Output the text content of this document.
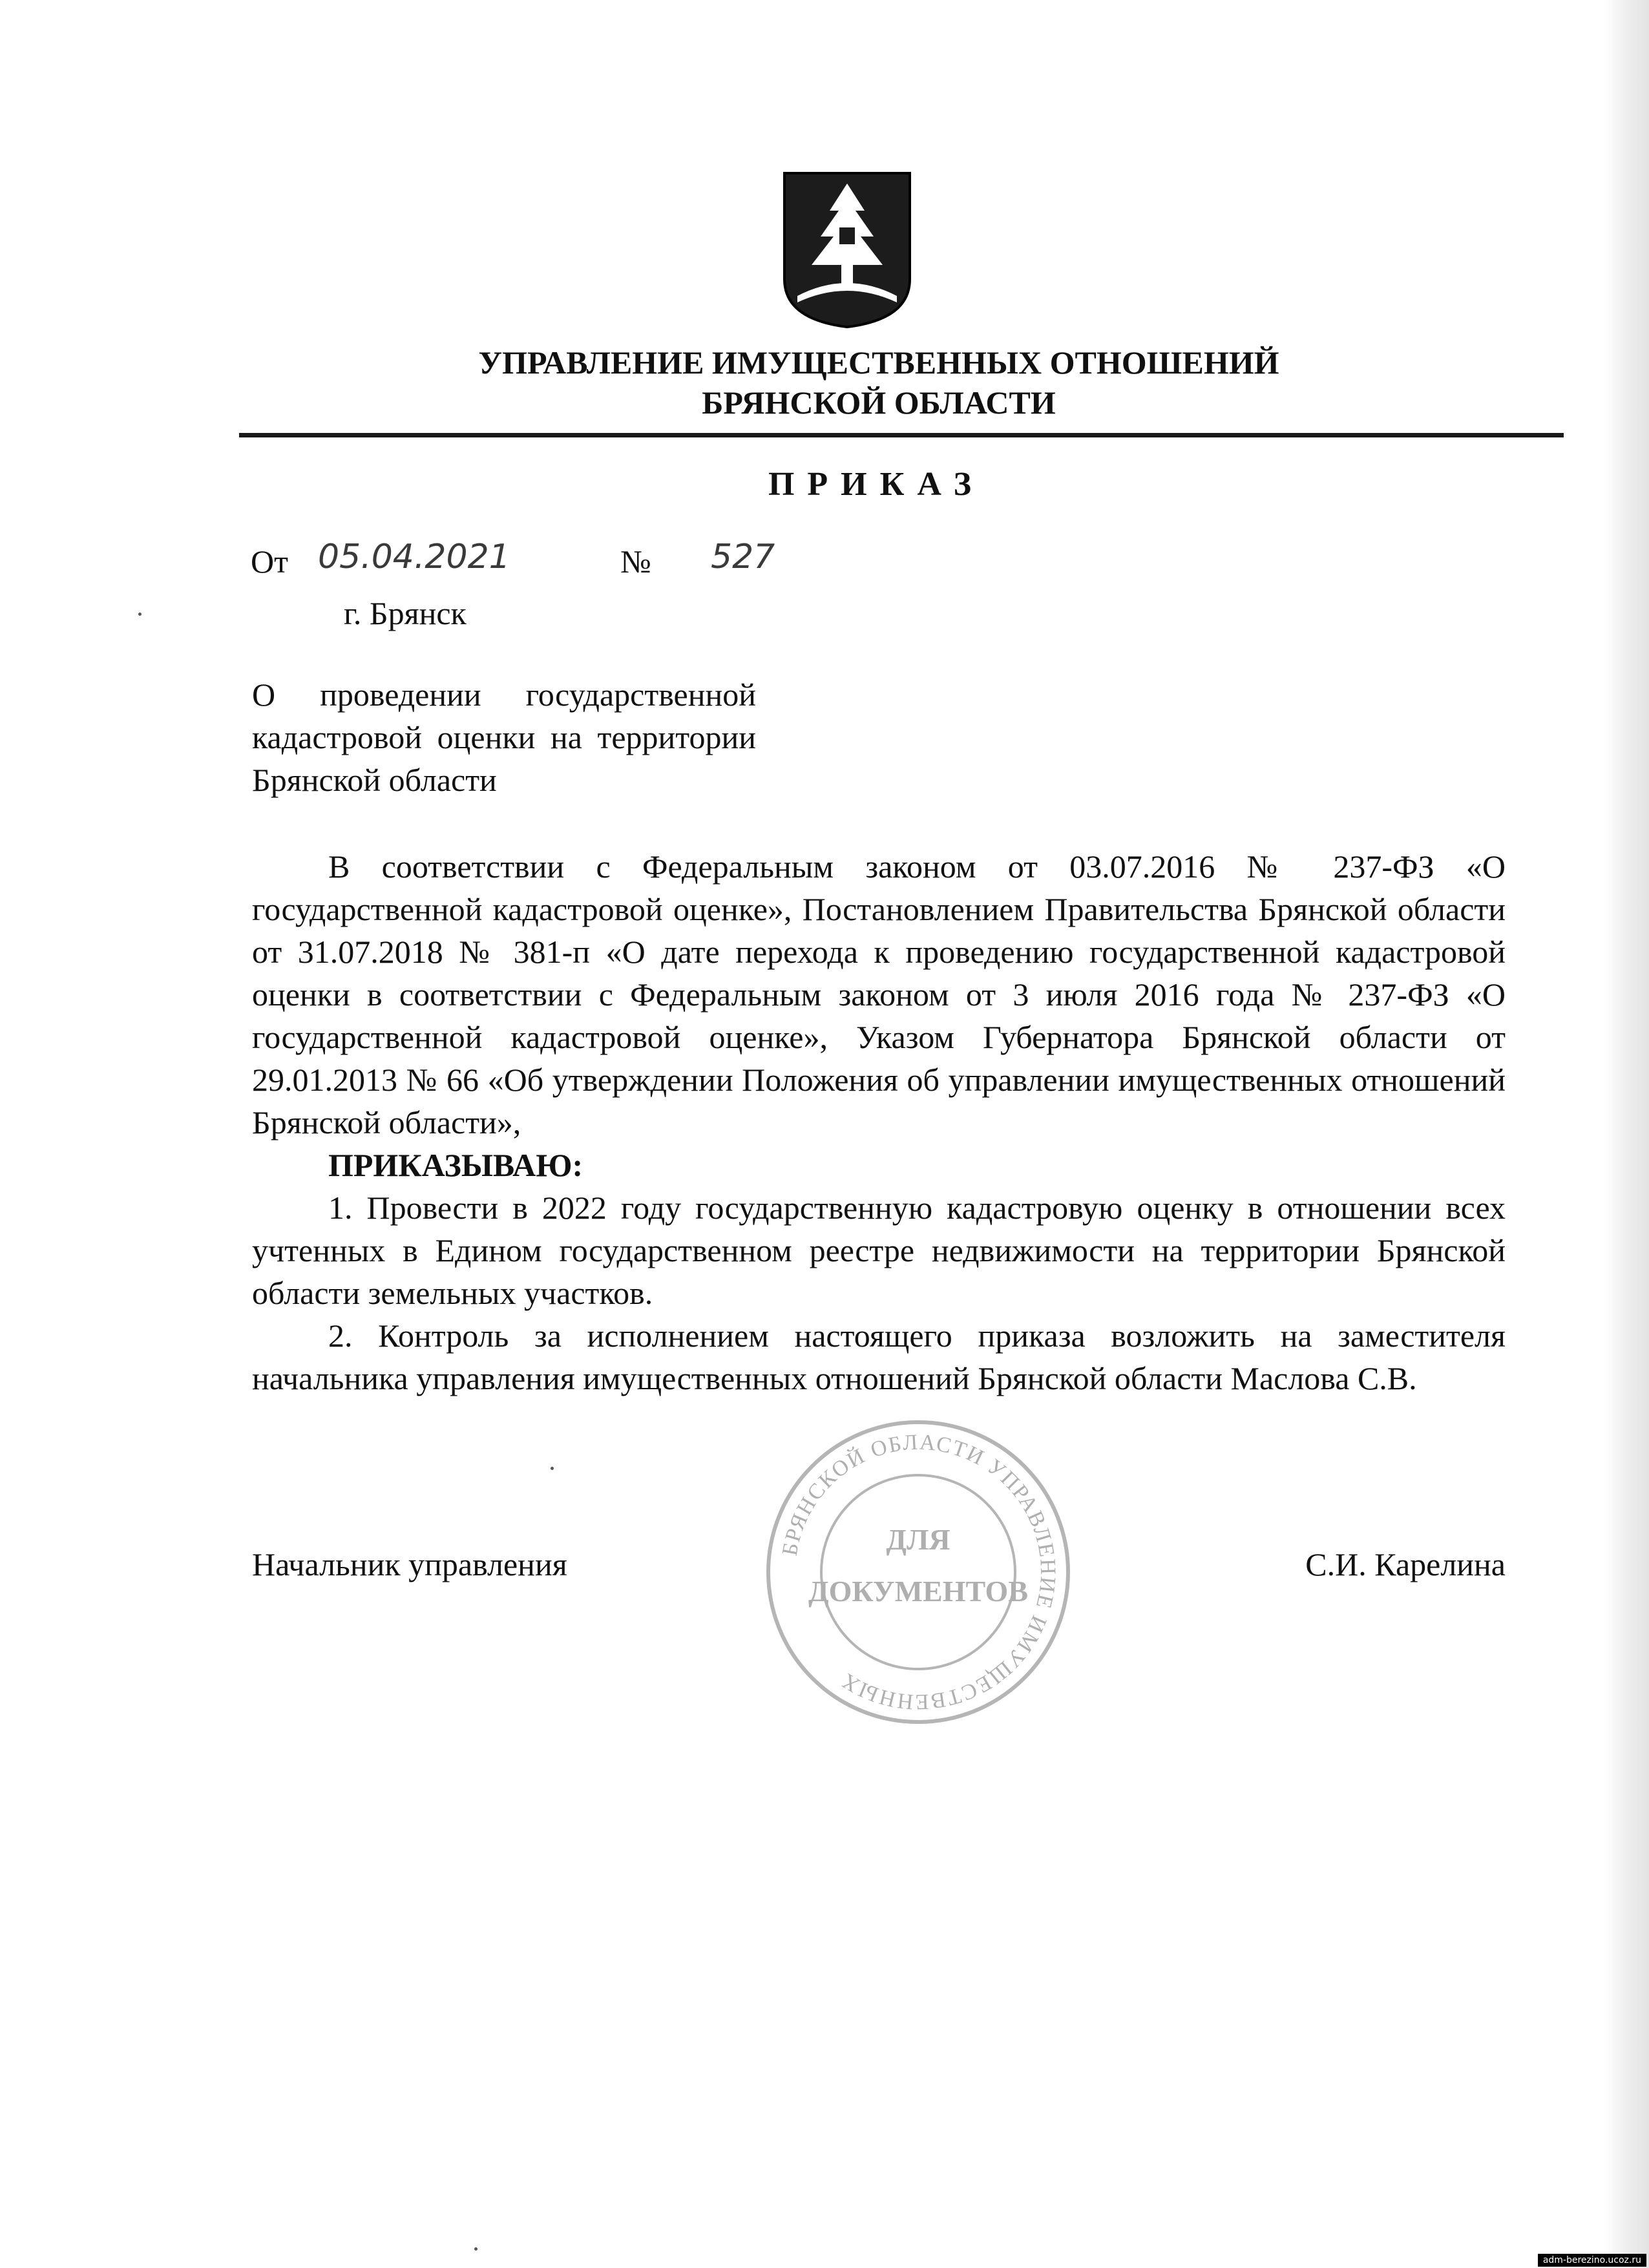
УПРАВЛЕНИЕ ИМУЩЕСТВЕННЫХ ОТНОШЕНИЙ
БРЯНСКОЙ ОБЛАСТИ
ПРИКАЗ
От 05.04.2021	№ 527
г. Брянск
О проведении государственной кадастровой оценки на территории Брянской области

В соответствии с Федеральным законом от 03.07.2016 № 237-ФЗ «О государственной кадастровой оценке», Постановлением Правительства Брянской области от 31.07.2018 № 381-п «О дате перехода к проведению государственной кадастровой оценки в соответствии с Федеральным законом от 3 июля 2016 года № 237-ФЗ «О государственной кадастровой оценке», Указом Губернатора Брянской области от 29.01.2013 № 66 «Об утверждении Положения об управлении имущественных отношений Брянской области»,

ПРИКАЗЫВАЮ:

1. Провести в 2022 году государственную кадастровую оценку в отношении всех учтенных в Едином государственном реестре недвижимости на территории Брянской области земельных участков.

2. Контроль за исполнением настоящего приказа возложить на заместителя начальника управления имущественных отношений Брянской области Маслова С.В.

БРЯНСКОЙ ОБЛАСТИ УПРАВЛЕНИЕ ИМУЩЕСТВЕННЫХ
ДЛЯ
ДОКУМЕНТОВ
Начальник управления	С.И. Карелина
adm-berezino.ucoz.ru
